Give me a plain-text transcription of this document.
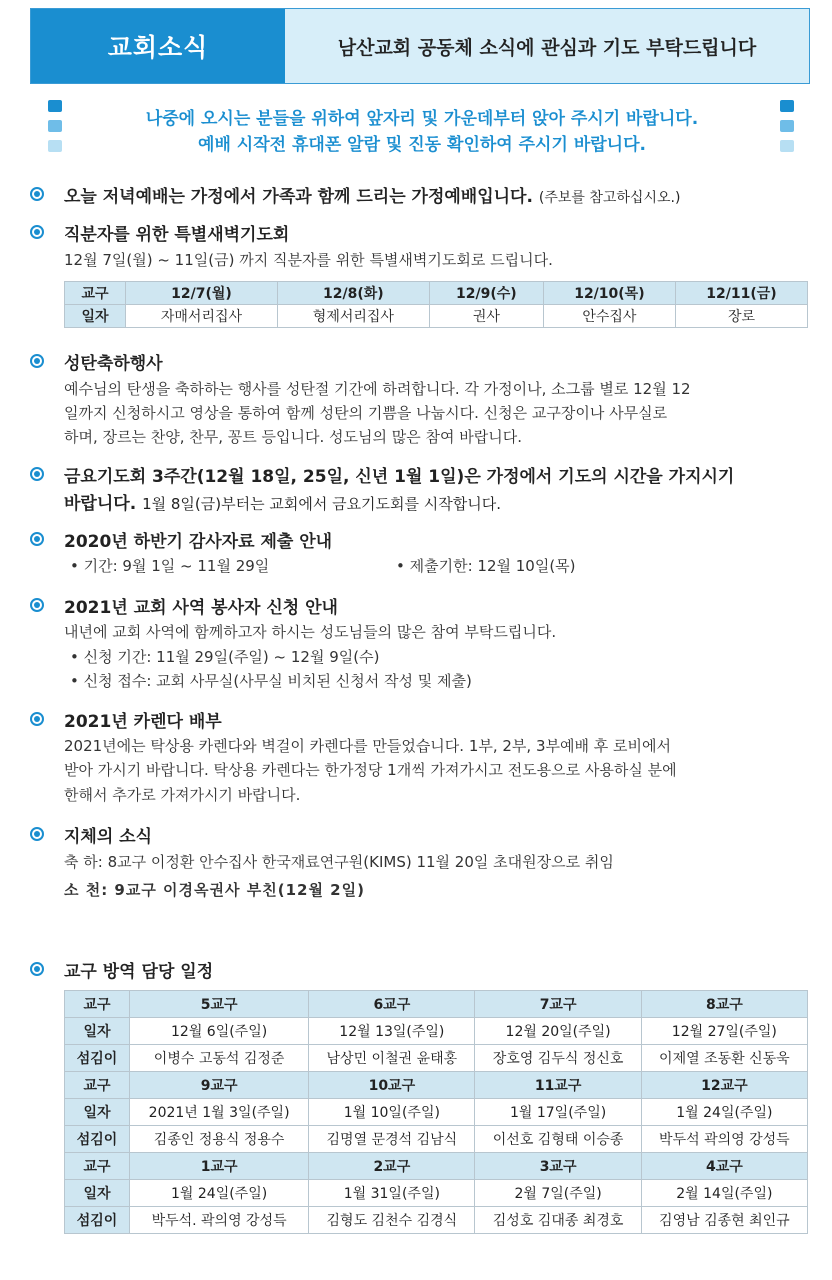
교회소식	남산교회 공동체 소식에 관심과 기도 부탁드립니다
나중에 오시는 분들을 위하여 앞자리 및 가운데부터 앉아 주시기 바랍니다.
예배 시작전 휴대폰 알람 및 진동 확인하여 주시기 바랍니다.
오늘 저녁예배는 가정에서 가족과 함께 드리는 가정예배입니다. (주보를 참고하십시오.)
직분자를 위한 특별새벽기도회
12월 7일(월) ~ 11일(금) 까지 직분자를 위한 특별새벽기도회로 드립니다.
교구	12/7(월)	12/8(화)	12/9(수)	12/10(목)	12/11(금)
일자	자매서리집사	형제서리집사	권사	안수집사	장로
성탄축하행사
예수님의 탄생을 축하하는 행사를 성탄절 기간에 하려합니다. 각 가정이나, 소그룹 별로 12월 12
일까지 신청하시고 영상을 통하여 함께 성탄의 기쁨을 나눕시다. 신청은 교구장이나 사무실로
하며, 장르는 찬양, 찬무, 꽁트 등입니다. 성도님의 많은 참여 바랍니다.
금요기도회 3주간(12월 18일, 25일, 신년 1월 1일)은 가정에서 기도의 시간을 가지시기
바랍니다. 1월 8일(금)부터는 교회에서 금요기도회를 시작합니다.
2020년 하반기 감사자료 제출 안내
• 기간: 9월 1일 ~ 11월 29일	• 제출기한: 12월 10일(목)
2021년 교회 사역 봉사자 신청 안내
내년에 교회 사역에 함께하고자 하시는 성도님들의 많은 참여 부탁드립니다.
• 신청 기간: 11월 29일(주일) ~ 12월 9일(수)
• 신청 접수: 교회 사무실(사무실 비치된 신청서 작성 및 제출)
2021년 카렌다 배부
2021년에는 탁상용 카렌다와 벽걸이 카렌다를 만들었습니다. 1부, 2부, 3부예배 후 로비에서
받아 가시기 바랍니다. 탁상용 카렌다는 한가정당 1개씩 가져가시고 전도용으로 사용하실 분에
한해서 추가로 가져가시기 바랍니다.
지체의 소식
축 하: 8교구 이정환 안수집사 한국재료연구원(KIMS) 11월 20일 초대원장으로 취임
소 천: 9교구 이경옥권사 부친(12월 2일)
교구 방역 담당 일정
교구	5교구	6교구	7교구	8교구
일자	12월 6일(주일)	12월 13일(주일)	12월 20일(주일)	12월 27일(주일)
섬김이	이병수 고동석 김정준	남상민 이철권 윤태홍	장호영 김두식 정신호	이제열 조동환 신동욱
교구	9교구	10교구	11교구	12교구
일자	2021년 1월 3일(주일)	1월 10일(주일)	1월 17일(주일)	1월 24일(주일)
섬김이	김종인 정용식 정용수	김명열 문경석 김남식	이선호 김형태 이승종	박두석 곽의영 강성득
교구	1교구	2교구	3교구	4교구
일자	1월 24일(주일)	1월 31일(주일)	2월 7일(주일)	2월 14일(주일)
섬김이	박두석. 곽의영 강성득	김형도 김천수 김경식	김성호 김대종 최경호	김영남 김종현 최인규
